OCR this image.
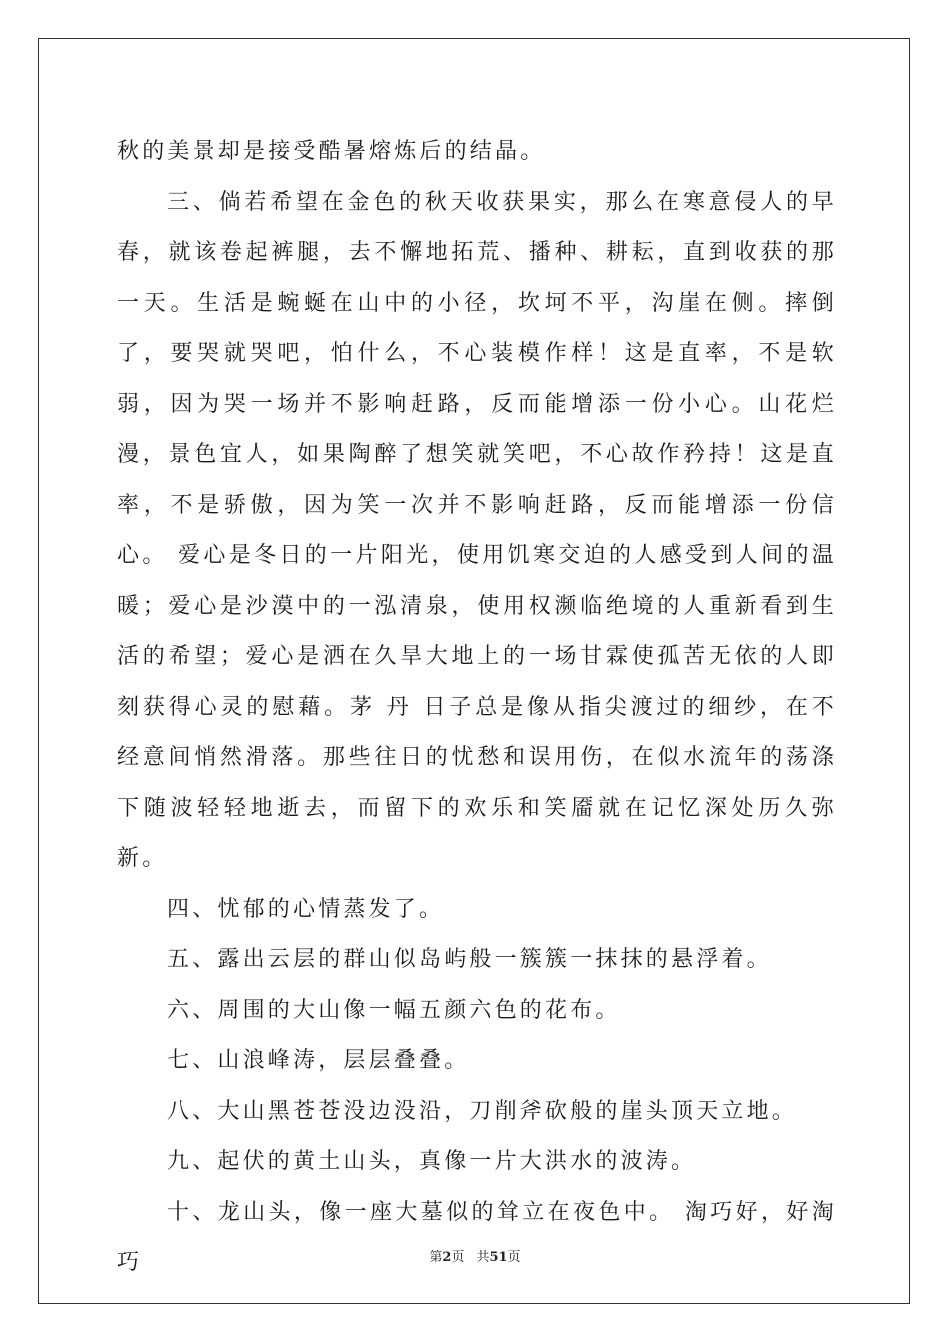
秋的美景却是接受酷暑熔炼后的结晶。

三、倘若希望在金色的秋天收获果实，那么在寒意侵人的早春，就该卷起裤腿，去不懈地拓荒、播种、耕耘，直到收获的那一天。生活是蜿蜒在山中的小径，坎坷不平，沟崖在侧。摔倒了，要哭就哭吧，怕什么，不心装模作样！这是直率，不是软弱，因为哭一场并不影响赶路，反而能增添一份小心。山花烂漫，景色宜人，如果陶醉了想笑就笑吧，不心故作矜持！这是直率，不是骄傲，因为笑一次并不影响赶路，反而能增添一份信心。 爱心是冬日的一片阳光，使用饥寒交迫的人感受到人间的温暖；爱心是沙漠中的一泓清泉，使用权濒临绝境的人重新看到生活的希望；爱心是洒在久旱大地上的一场甘霖使孤苦无依的人即刻获得心灵的慰藉。茅 丹 日子总是像从指尖渡过的细纱，在不经意间悄然滑落。那些往日的忧愁和误用伤，在似水流年的荡涤下随波轻轻地逝去，而留下的欢乐和笑靥就在记忆深处历久弥新。

四、忧郁的心情蒸发了。

五、露出云层的群山似岛屿般一簇簇一抹抹的悬浮着。

六、周围的大山像一幅五颜六色的花布。

七、山浪峰涛，层层叠叠。

八、大山黑苍苍没边没沿，刀削斧砍般的崖头顶天立地。

九、起伏的黄土山头，真像一片大洪水的波涛。

十、龙山头，像一座大墓似的耸立在夜色中。 淘巧好，好淘巧	第2页 共51页
